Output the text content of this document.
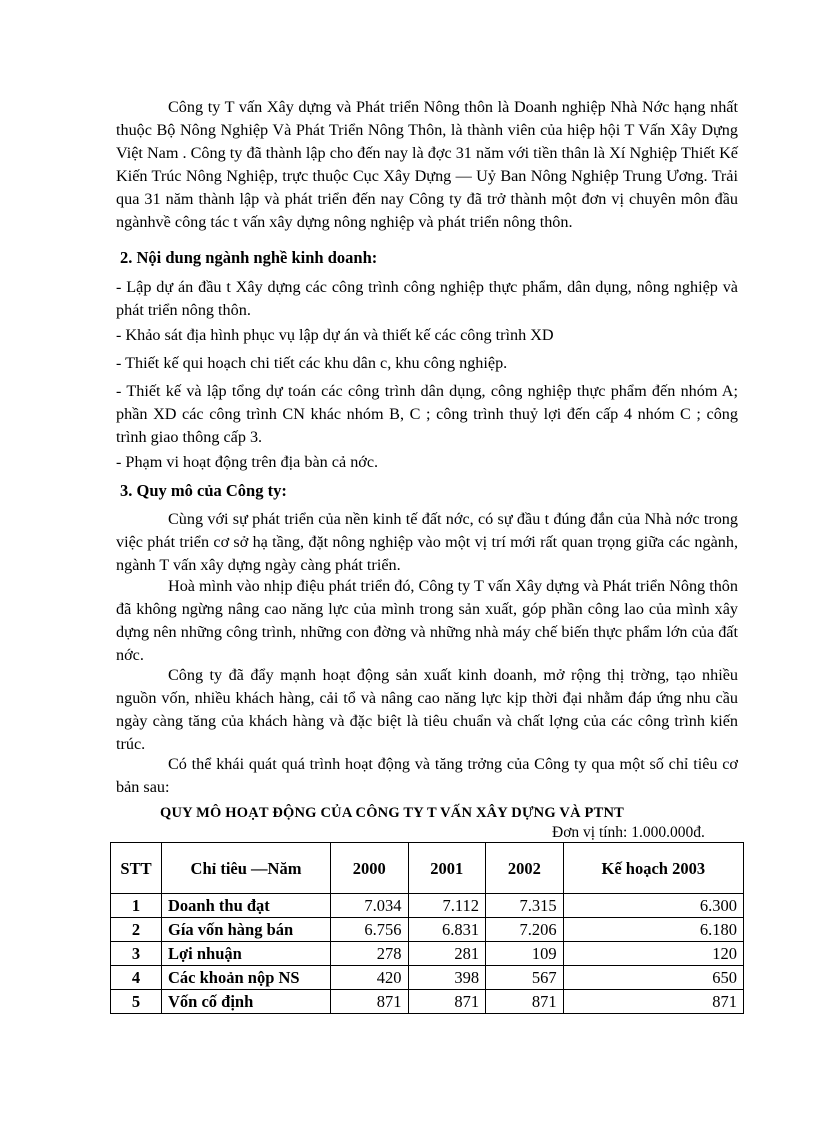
Công ty T vấn Xây dựng và Phát triển Nông thôn là Doanh nghiệp Nhà Nớc hạng nhất thuộc Bộ Nông Nghiệp Và Phát Triển Nông Thôn, là thành viên của hiệp hội T Vấn Xây Dựng Việt Nam . Công ty đã thành lập cho đến nay là đợc 31 năm với tiền thân là Xí Nghiệp Thiết Kế Kiến Trúc Nông Nghiệp, trực thuộc Cục Xây Dựng — Uỷ Ban Nông Nghiệp Trung Ương. Trải qua 31 năm thành lập và phát triển đến nay Công ty đã trở thành một đơn vị chuyên môn đầu ngànhvề công tác t vấn xây dựng nông nghiệp và phát triển nông thôn.

2. Nội dung ngành nghề kinh doanh:

- Lập dự án đầu t Xây dựng các công trình công nghiệp thực phẩm, dân dụng, nông nghiệp và phát triển nông thôn.

- Khảo sát địa hình phục vụ lập dự án và thiết kế các công trình XD

- Thiết kế qui hoạch chi tiết các khu dân c, khu công nghiệp.

- Thiết kế và lập tổng dự toán các công trình dân dụng, công nghiệp thực phẩm đến nhóm A; phần XD các công trình CN khác nhóm B, C ; công trình thuỷ lợi đến cấp 4 nhóm C ; công trình giao thông cấp 3.

- Phạm vi hoạt động trên địa bàn cả nớc.

3. Quy mô của Công ty:

Cùng với sự phát triển của nền kinh tế đất nớc, có sự đầu t đúng đắn của Nhà nớc trong việc phát triển cơ sở hạ tầng, đặt nông nghiệp vào một vị trí mới rất quan trọng giữa các ngành, ngành T vấn xây dựng ngày càng phát triển.

Hoà mình vào nhịp điệu phát triển đó, Công ty T vấn Xây dựng và Phát triển Nông thôn đã không ngừng nâng cao năng lực của mình trong sản xuất, góp phần công lao của mình xây dựng nên những công trình, những con đờng và những nhà máy chế biến thực phẩm lớn của đất nớc.

Công ty đã đẩy mạnh hoạt động sản xuất kinh doanh, mở rộng thị trờng, tạo nhiều nguồn vốn, nhiều khách hàng, cải tổ và nâng cao năng lực kịp thời đại nhằm đáp ứng nhu cầu ngày càng tăng của khách hàng và đặc biệt là tiêu chuẩn và chất lợng của các công trình kiến trúc.

Có thể khái quát quá trình hoạt động và tăng trởng của Công ty qua một số chỉ tiêu cơ bản sau:

QUY MÔ HOẠT ĐỘNG CỦA CÔNG TY T VẤN XÂY DỰNG VÀ PTNT
Đơn vị tính: 1.000.000đ.
STT	Chỉ tiêu —Năm	2000	2001	2002	Kế hoạch 2003
1	Doanh thu đạt	7.034	7.112	7.315	6.300
2	Gía vốn hàng bán	6.756	6.831	7.206	6.180
3	Lợi nhuận	278	281	109	120
4	Các khoản nộp NS	420	398	567	650
5	Vốn cố định	871	871	871	871
